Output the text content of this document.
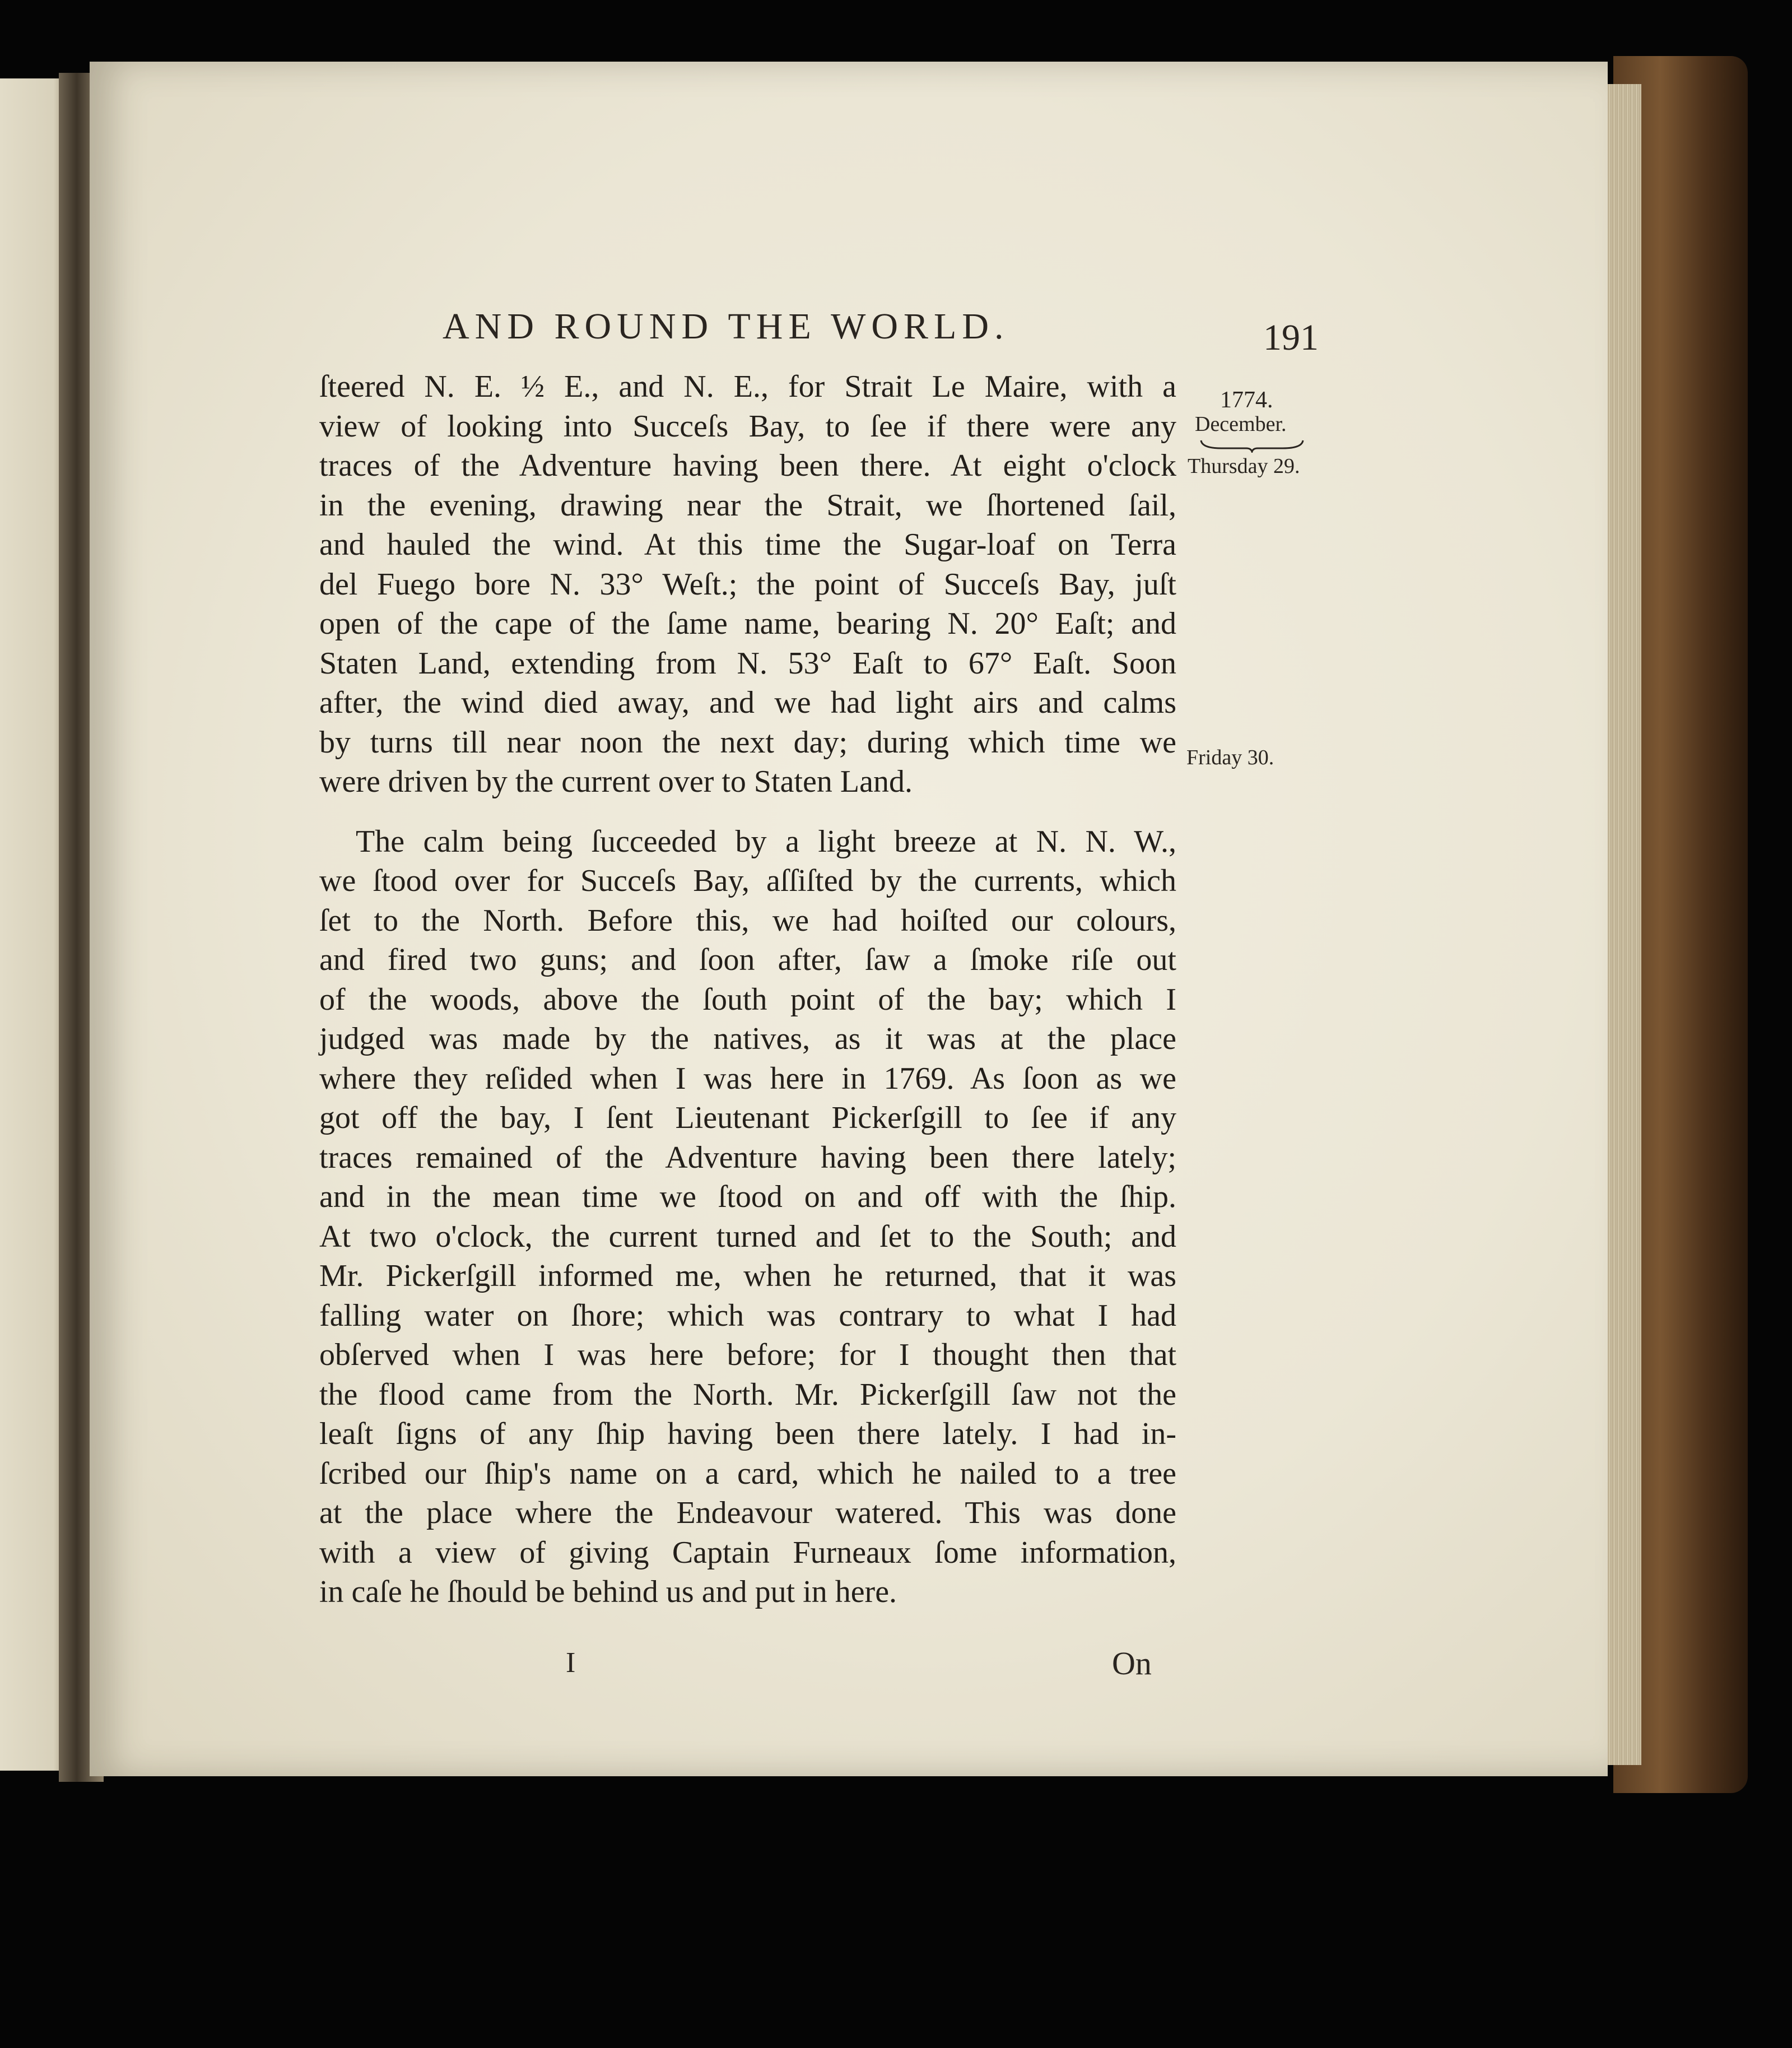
AND ROUND THE WORLD.	191
1774.
December.
Thursday 29.
Friday 30.
ſteered N. E. ½ E., and N. E., for Strait Le Maire, with a
view of looking into Succeſs Bay, to ſee if there were any
traces of the Adventure having been there. At eight o'clock
in the evening, drawing near the Strait, we ſhortened ſail,
and hauled the wind. At this time the Sugar-loaf on Terra
del Fuego bore N. 33° Weſt.; the point of Succeſs Bay, juſt
open of the cape of the ſame name, bearing N. 20° Eaſt; and
Staten Land, extending from N. 53° Eaſt to 67° Eaſt. Soon
after, the wind died away, and we had light airs and calms
by turns till near noon the next day; during which time we
were driven by the current over to Staten Land.
The calm being ſucceeded by a light breeze at N. N. W.,
we ſtood over for Succeſs Bay, aſſiſted by the currents, which
ſet to the North. Before this, we had hoiſted our colours,
and fired two guns; and ſoon after, ſaw a ſmoke riſe out
of the woods, above the ſouth point of the bay; which I
judged was made by the natives, as it was at the place
where they reſided when I was here in 1769. As ſoon as we
got off the bay, I ſent Lieutenant Pickerſgill to ſee if any
traces remained of the Adventure having been there lately;
and in the mean time we ſtood on and off with the ſhip.
At two o'clock, the current turned and ſet to the South; and
Mr. Pickerſgill informed me, when he returned, that it was
falling water on ſhore; which was contrary to what I had
obſerved when I was here before; for I thought then that
the flood came from the North. Mr. Pickerſgill ſaw not the
leaſt ſigns of any ſhip having been there lately. I had in-
ſcribed our ſhip's name on a card, which he nailed to a tree
at the place where the Endeavour watered. This was done
with a view of giving Captain Furneaux ſome information,
in caſe he ſhould be behind us and put in here.
I	On
